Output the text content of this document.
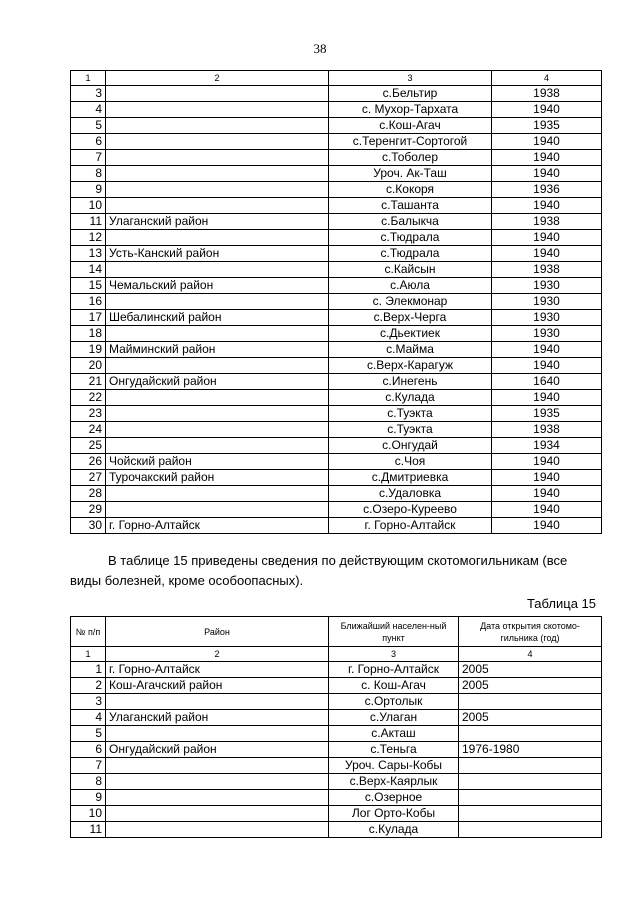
38
1	2	3	4
3		с.Бельтир	1938
4		с. Мухор-Тархата	1940
5		с.Кош-Агач	1935
6		с.Теренгит-Сортогой	1940
7		с.Тоболер	1940
8		Уроч. Ак-Таш	1940
9		с.Кокоря	1936
10		с.Ташанта	1940
11	Улаганский район	с.Балыкча	1938
12		с.Тюдрала	1940
13	Усть-Канский район	с.Тюдрала	1940
14		с.Кайсын	1938
15	Чемальский район	с.Аюла	1930
16		с. Элекмонар	1930
17	Шебалинский район	с.Верх-Черга	1930
18		с.Дьектиек	1930
19	Майминский район	с.Майма	1940
20		с.Верх-Карагуж	1940
21	Онгудайский район	с.Инегень	1640
22		с.Кулада	1940
23		с.Туэкта	1935
24		с.Туэкта	1938
25		с.Онгудай	1934
26	Чойский район	с.Чоя	1940
27	Турочакский район	с.Дмитриевка	1940
28		с.Удаловка	1940
29		с.Озеро-Куреево	1940
30	г. Горно-Алтайск	г. Горно-Алтайск	1940
В таблице 15 приведены сведения по действующим скотомогильникам (все виды болезней, кроме особоопасных).
Таблица 15
№ п/п	Район	Ближайший населен-ный пункт	Дата открытия скотомо-гильника (год)
1	2	3	4
1	г. Горно-Алтайск	г. Горно-Алтайск	2005
2	Кош-Агачский район	с. Кош-Агач	2005
3		с.Ортолык	
4	Улаганский район	с.Улаган	2005
5		с.Акташ	
6	Онгудайский район	с.Теньга	1976-1980
7		Уроч. Сары-Кобы	
8		с.Верх-Каярлык	
9		с.Озерное	
10		Лог Орто-Кобы	
11		с.Кулада	
